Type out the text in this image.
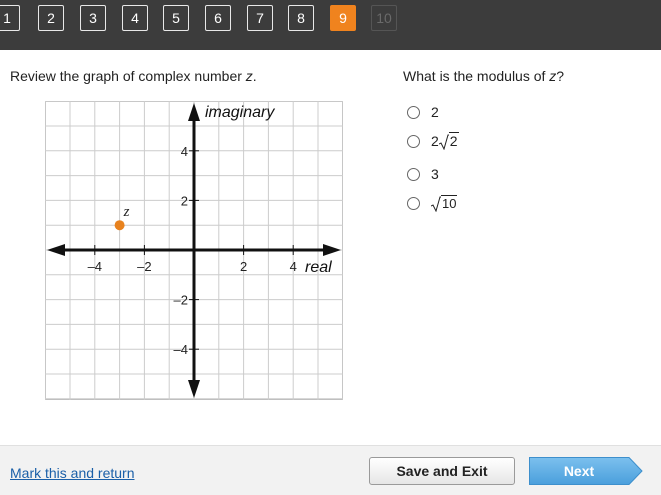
1	2	3	4	5	6	7	8	9	10
Review the graph of complex number z.	What is the modulus of z?
–4	–2	2	4
4
2
–2
–4
real
imaginary
z
2
2 2
3
10
Mark this and return	Save and Exit	Next
